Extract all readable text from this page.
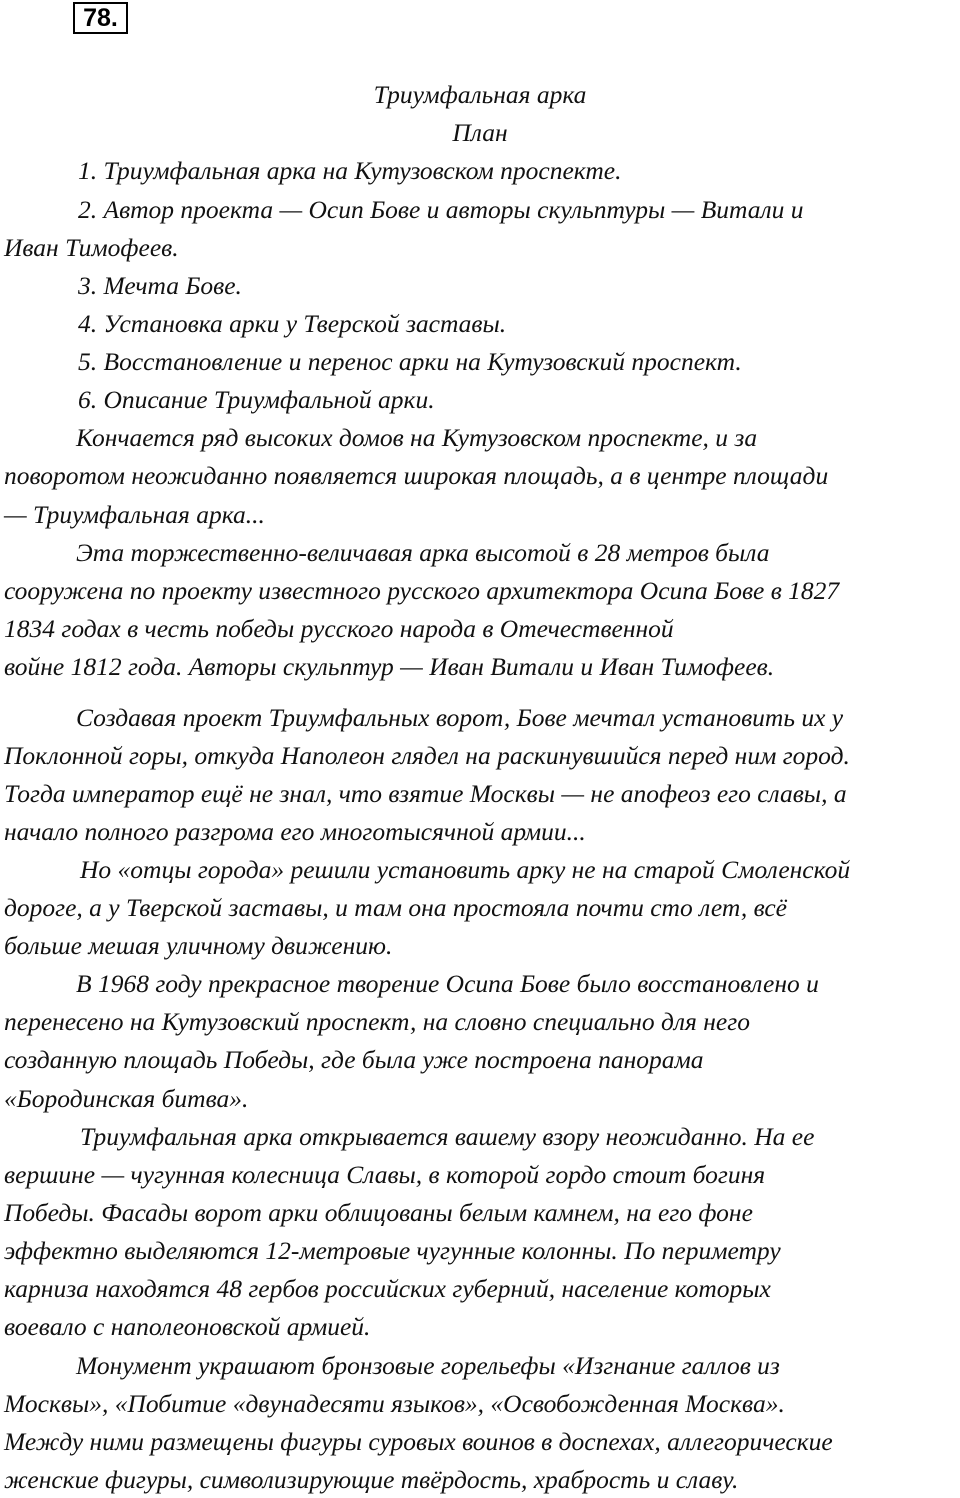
78.
Триумфальная арка
План
1. Триумфальная арка на Кутузовском проспекте.
2. Автор проекта — Осип Бове и авторы скульптуры — Витали и
Иван Тимофеев.
3. Мечта Бове.
4. Установка арки у Тверской заставы.
5. Восстановление и перенос арки на Кутузовский проспект.
6. Описание Триумфальной арки.
Кончается ряд высоких домов на Кутузовском проспекте, и за
поворотом неожиданно появляется широкая площадь, а в центре площади
— Триумфальная арка...
Эта торжественно-величавая арка высотой в 28 метров была
сооружена по проекту известного русского архитектора Осипа Бове в 1827
1834 годах в честь победы русского народа в Отечественной
войне 1812 года. Авторы скульптур — Иван Витали и Иван Тимофеев.
Создавая проект Триумфальных ворот, Бове мечтал установить их у
Поклонной горы, откуда Наполеон глядел на раскинувшийся перед ним город.
Тогда император ещё не знал, что взятие Москвы — не апофеоз его славы, а
начало полного разгрома его многотысячной армии...
Но «отцы города» решили установить арку не на старой Смоленской
дороге, а у Тверской заставы, и там она простояла почти сто лет, всё
больше мешая уличному движению.
В 1968 году прекрасное творение Осипа Бове было восстановлено и
перенесено на Кутузовский проспект, на словно специально для него
созданную площадь Победы, где была уже построена панорама
«Бородинская битва».
Триумфальная арка открывается вашему взору неожиданно. На ее
вершине — чугунная колесница Славы, в которой гордо стоит богиня
Победы. Фасады ворот арки облицованы белым камнем, на его фоне
эффектно выделяются 12-метровые чугунные колонны. По периметру
карниза находятся 48 гербов российских губерний, население которых
воевало с наполеоновской армией.
Монумент украшают бронзовые горельефы «Изгнание галлов из
Москвы», «Побитие «двунадесяти языков», «Освобожденная Москва».
Между ними размещены фигуры суровых воинов в доспехах, аллегорические
женские фигуры, символизирующие твёрдость, храбрость и славу.
